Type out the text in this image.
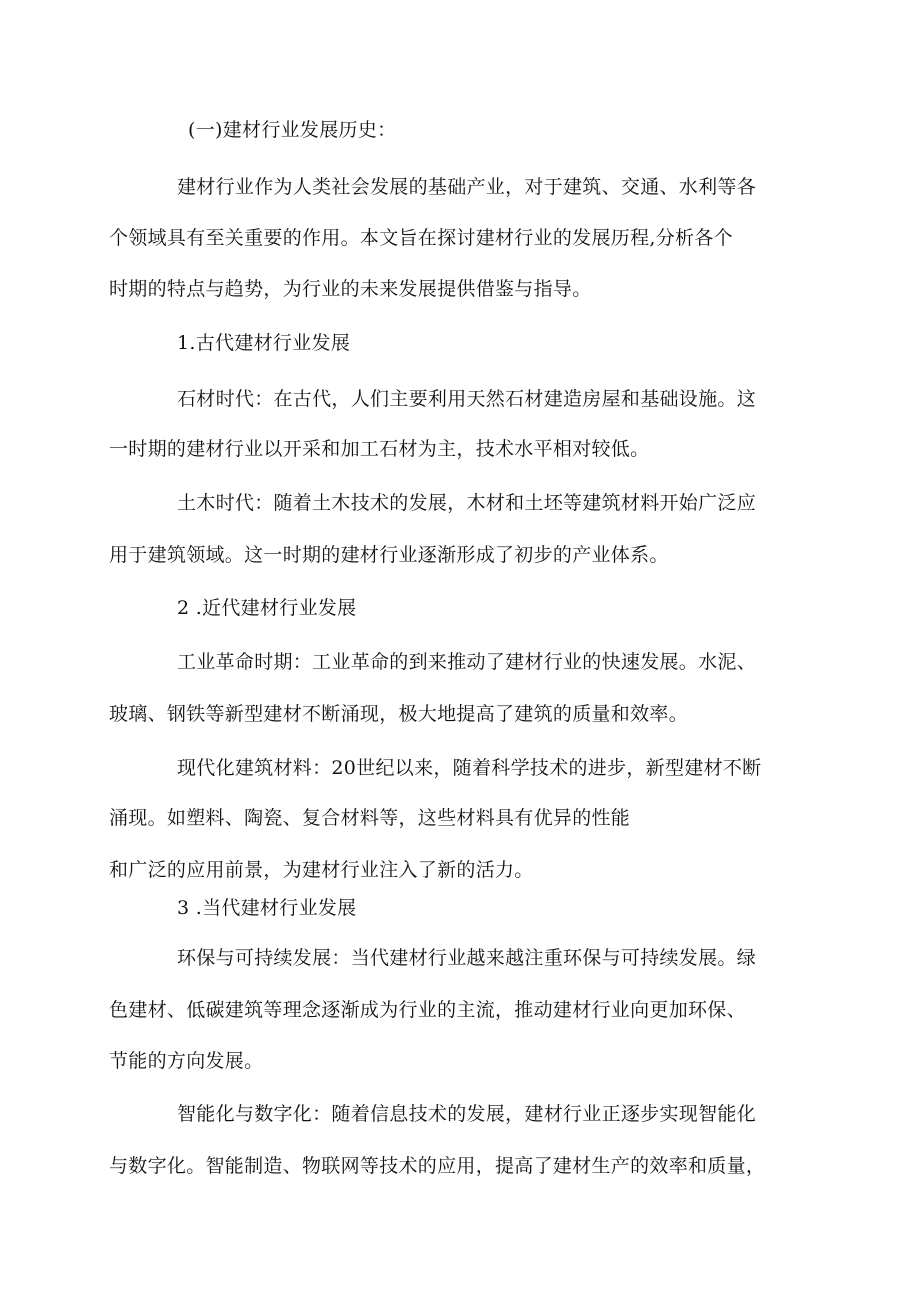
(一)建材行业发展历史：
建材行业作为人类社会发展的基础产业，对于建筑、交通、水利等各
个领域具有至关重要的作用。本文旨在探讨建材行业的发展历程,分析各个
时期的特点与趋势，为行业的未来发展提供借鉴与指导。
1.古代建材行业发展
石材时代：在古代，人们主要利用天然石材建造房屋和基础设施。这
一时期的建材行业以开采和加工石材为主，技术水平相对较低。
土木时代：随着土木技术的发展，木材和土坯等建筑材料开始广泛应
用于建筑领域。这一时期的建材行业逐渐形成了初步的产业体系。
2 .近代建材行业发展
工业革命时期：工业革命的到来推动了建材行业的快速发展。水泥、
玻璃、钢铁等新型建材不断涌现，极大地提高了建筑的质量和效率。
现代化建筑材料：20世纪以来，随着科学技术的进步，新型建材不断
涌现。如塑料、陶瓷、复合材料等，这些材料具有优异的性能
和广泛的应用前景，为建材行业注入了新的活力。
3 .当代建材行业发展
环保与可持续发展：当代建材行业越来越注重环保与可持续发展。绿
色建材、低碳建筑等理念逐渐成为行业的主流，推动建材行业向更加环保、
节能的方向发展。
智能化与数字化：随着信息技术的发展，建材行业正逐步实现智能化
与数字化。智能制造、物联网等技术的应用，提高了建材生产的效率和质量，
